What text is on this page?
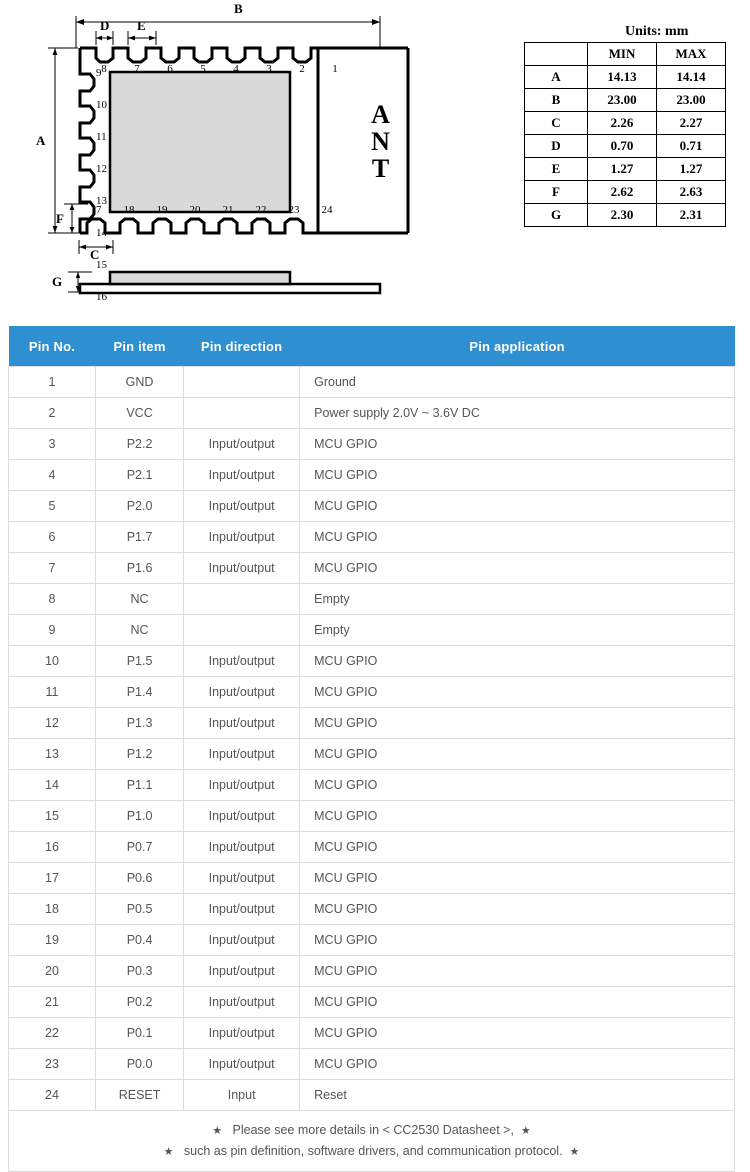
B
D E
A
F
C
G
ANT
8	7	6	5	4	3	2	1
9
10
11
12
13
14
15
16
17 18 19 20 21 22 23 24
Units: mm
	MIN	MAX
A	14.13	14.14
B	23.00	23.00
C	2.26	2.27
D	0.70	0.71
E	1.27	1.27
F	2.62	2.63
G	2.30	2.31
Pin No.	Pin item	Pin direction	Pin application
1	GND		Ground
2	VCC		Power supply 2.0V ~ 3.6V DC
3	P2.2	Input/output	MCU GPIO
4	P2.1	Input/output	MCU GPIO
5	P2.0	Input/output	MCU GPIO
6	P1.7	Input/output	MCU GPIO
7	P1.6	Input/output	MCU GPIO
8	NC		Empty
9	NC		Empty
10	P1.5	Input/output	MCU GPIO
11	P1.4	Input/output	MCU GPIO
12	P1.3	Input/output	MCU GPIO
13	P1.2	Input/output	MCU GPIO
14	P1.1	Input/output	MCU GPIO
15	P1.0	Input/output	MCU GPIO
16	P0.7	Input/output	MCU GPIO
17	P0.6	Input/output	MCU GPIO
18	P0.5	Input/output	MCU GPIO
19	P0.4	Input/output	MCU GPIO
20	P0.3	Input/output	MCU GPIO
21	P0.2	Input/output	MCU GPIO
22	P0.1	Input/output	MCU GPIO
23	P0.0	Input/output	MCU GPIO
24	RESET	Input	Reset

★ Please see more details in < CC2530 Datasheet >, ★
★ such as pin definition, software drivers, and communication protocol. ★			
